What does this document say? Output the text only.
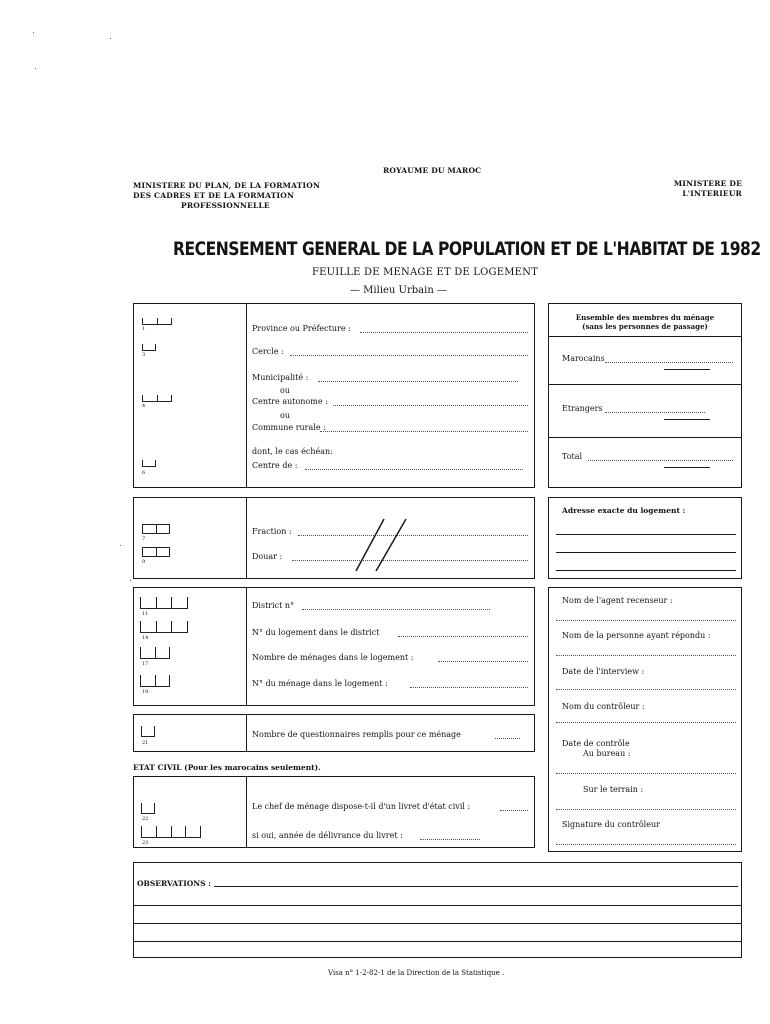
ROYAUME DU MAROC
MINISTERE DU PLAN, DE LA FORMATION
DES CADRES ET DE LA FORMATION
PROFESSIONNELLE
MINISTERE DE
L'INTERIEUR
RECENSEMENT GENERAL DE LA POPULATION ET DE L'HABITAT DE 1982
FEUILLE DE MENAGE ET DE LOGEMENT
— Milieu Urbain —
1
3
4
6
Province ou Préfecture :
Cercle :
Municipalité :
ou
Centre autonome :
ou
Commune rurale :
dont, le cas échéan:
Centre de :
Ensemble des membres du ménage
(sans les personnes de passage)
Marocains
Etrangers
Total
7
9
Fraction :
Douar :
Adresse exacte du logement :
11
14
17
19
District n°
N° du logement dans le district
Nombre de ménages dans le logement :
N° du ménage dans le logement :
21
Nombre de questionnaires remplis pour ce ménage
ETAT CIVIL (Pour les marocains seulement).
22
23
Le chef de ménage dispose-t-il d'un livret d'état civil :
si oui, année de délivrance du livret :
Nom de l'agent recenseur :
Nom de la personne ayant répondu :
Date de l'interview :
Nom du contrôleur :
Date de contrôle
Au bureau :
Sur le terrain :
Signature du contrôleur
OBSERVATIONS :
Visa n° 1-2-82-1 de la Direction de la Statistique .
